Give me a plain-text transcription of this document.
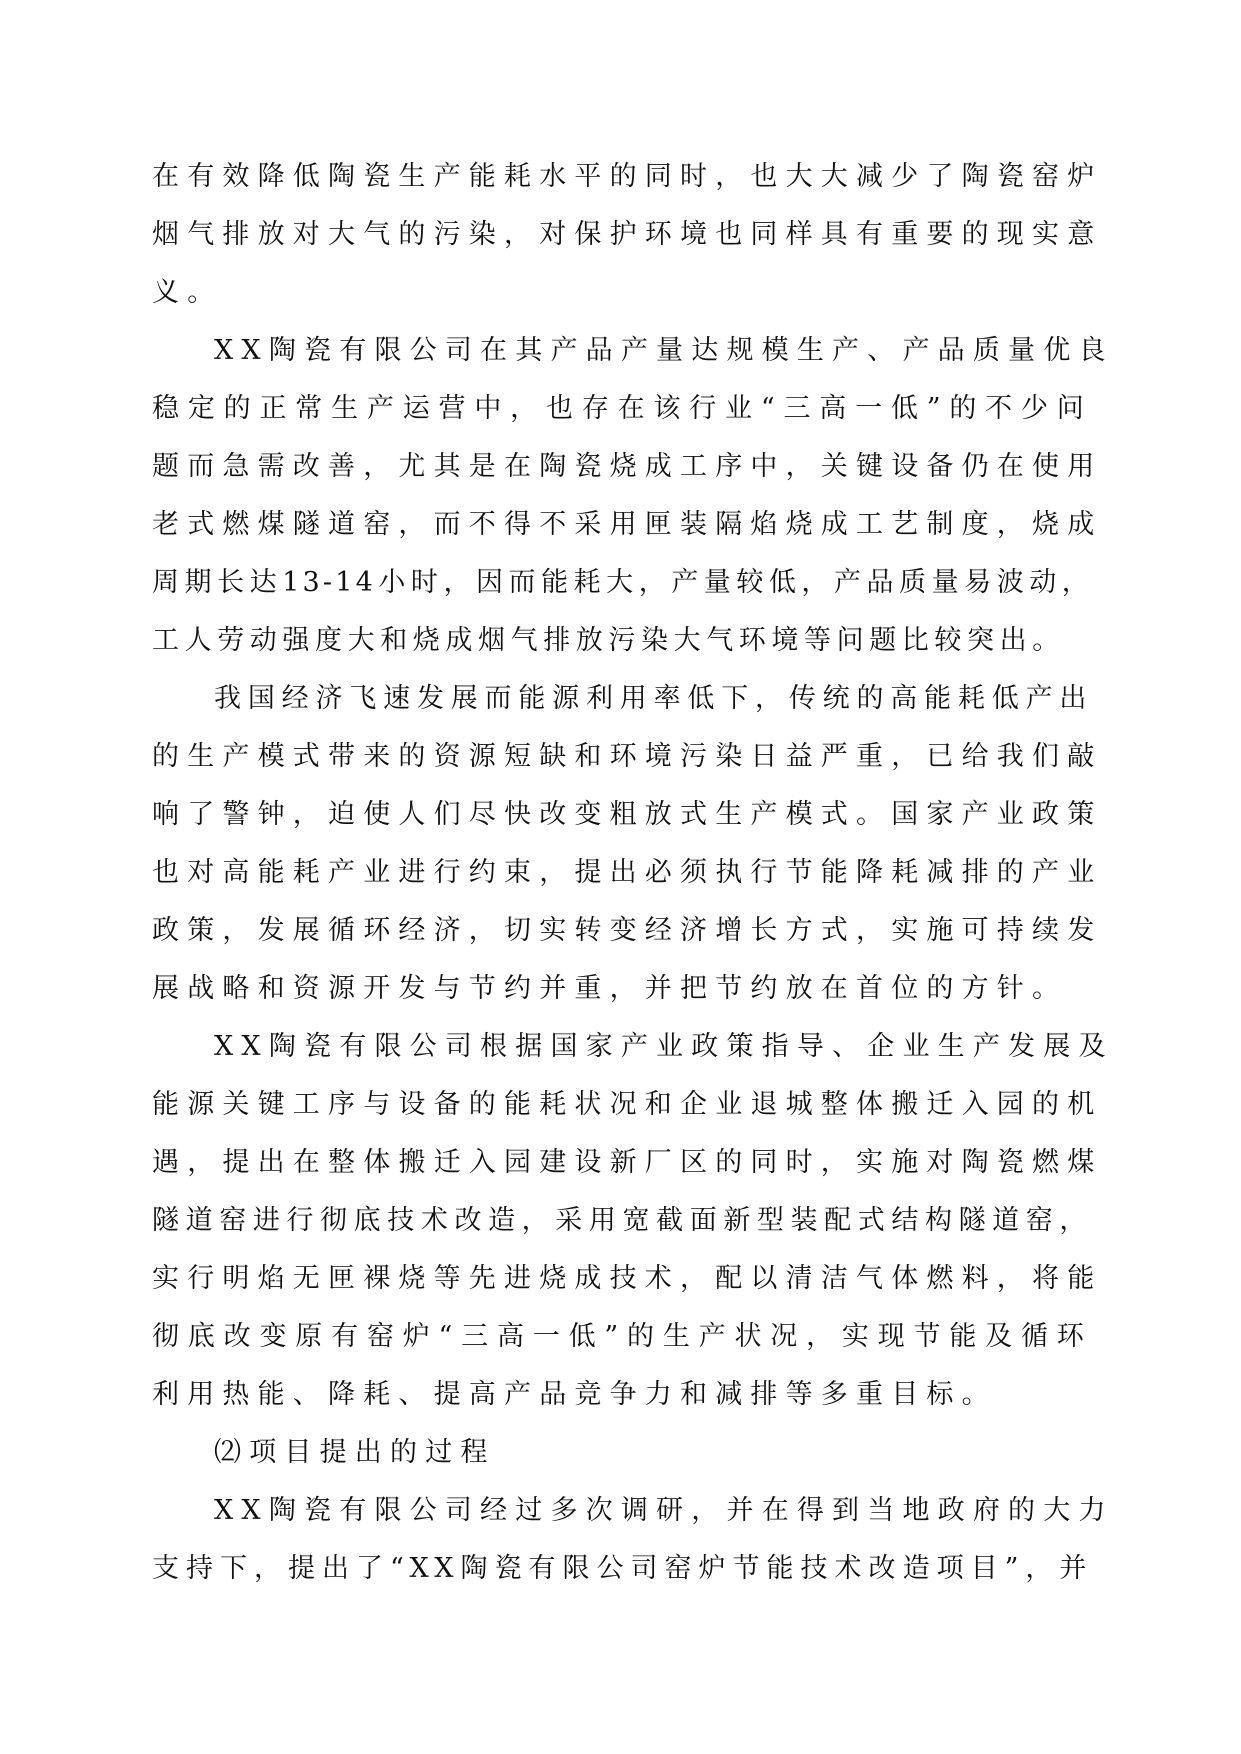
在有效降低陶瓷生产能耗水平的同时，也大大减少了陶瓷窑炉
烟气排放对大气的污染，对保护环境也同样具有重要的现实意
义。
XX陶瓷有限公司在其产品产量达规模生产、产品质量优良
稳定的正常生产运营中，也存在该行业“三高一低”的不少问
题而急需改善，尤其是在陶瓷烧成工序中，关键设备仍在使用
老式燃煤隧道窑，而不得不采用匣装隔焰烧成工艺制度，烧成
周期长达13-14小时，因而能耗大，产量较低，产品质量易波动，
工人劳动强度大和烧成烟气排放污染大气环境等问题比较突出。
我国经济飞速发展而能源利用率低下，传统的高能耗低产出
的生产模式带来的资源短缺和环境污染日益严重，已给我们敲
响了警钟，迫使人们尽快改变粗放式生产模式。国家产业政策
也对高能耗产业进行约束，提出必须执行节能降耗减排的产业
政策，发展循环经济，切实转变经济增长方式，实施可持续发
展战略和资源开发与节约并重，并把节约放在首位的方针。
XX陶瓷有限公司根据国家产业政策指导、企业生产发展及
能源关键工序与设备的能耗状况和企业退城整体搬迁入园的机
遇，提出在整体搬迁入园建设新厂区的同时，实施对陶瓷燃煤
隧道窑进行彻底技术改造，采用宽截面新型装配式结构隧道窑，
实行明焰无匣裸烧等先进烧成技术，配以清洁气体燃料，将能
彻底改变原有窑炉“三高一低”的生产状况，实现节能及循环
利用热能、降耗、提高产品竞争力和减排等多重目标。
⑵项目提出的过程
XX陶瓷有限公司经过多次调研，并在得到当地政府的大力
支持下，提出了“XX陶瓷有限公司窑炉节能技术改造项目”，并
